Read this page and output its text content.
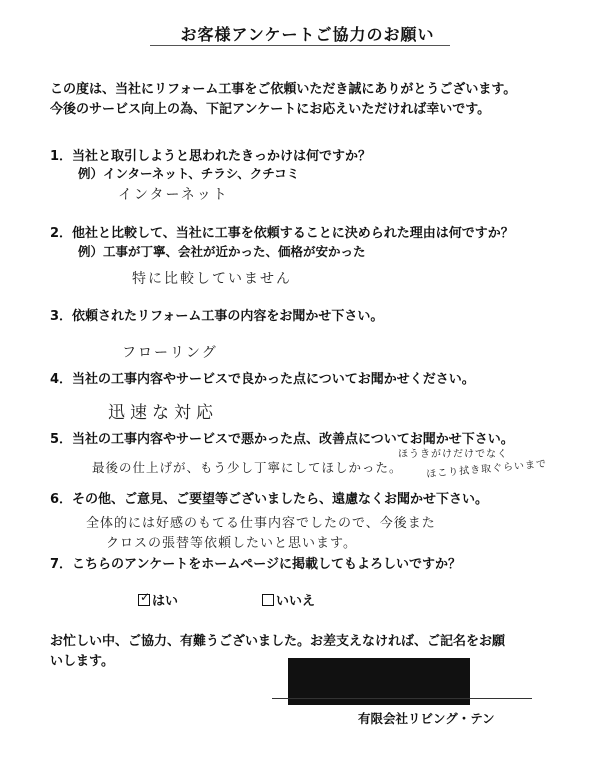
お客様アンケートご協力のお願い
この度は、当社にリフォーム工事をご依頼いただき誠にありがとうございます。
今後のサービス向上の為、下記アンケートにお応えいただければ幸いです。
1．当社と取引しようと思われたきっかけは何ですか？
例）インターネット、チラシ、クチコミ
インターネット
2．他社と比較して、当社に工事を依頼することに決められた理由は何ですか？
例）工事が丁寧、会社が近かった、価格が安かった
特に比較していません
3．依頼されたリフォーム工事の内容をお聞かせ下さい。
フローリング
4．当社の工事内容やサービスで良かった点についてお聞かせください。
迅速な対応
5．当社の工事内容やサービスで悪かった点、改善点についてお聞かせ下さい。
ほうきがけだけでなく
最後の仕上げが、もう少し丁寧にしてほしかった。 ほこり拭き取ぐらいまで
6．その他、ご意見、ご要望等ございましたら、遠慮なくお聞かせ下さい。
全体的には好感のもてる仕事内容でしたので、今後また
クロスの張替等依頼したいと思います。
7．こちらのアンケートをホームページに掲載してもよろしいですか？
✓ はい	いいえ
お忙しい中、ご協力、有難うございました。お差支えなければ、ご記名をお願
いします。
有限会社リビング・テン
